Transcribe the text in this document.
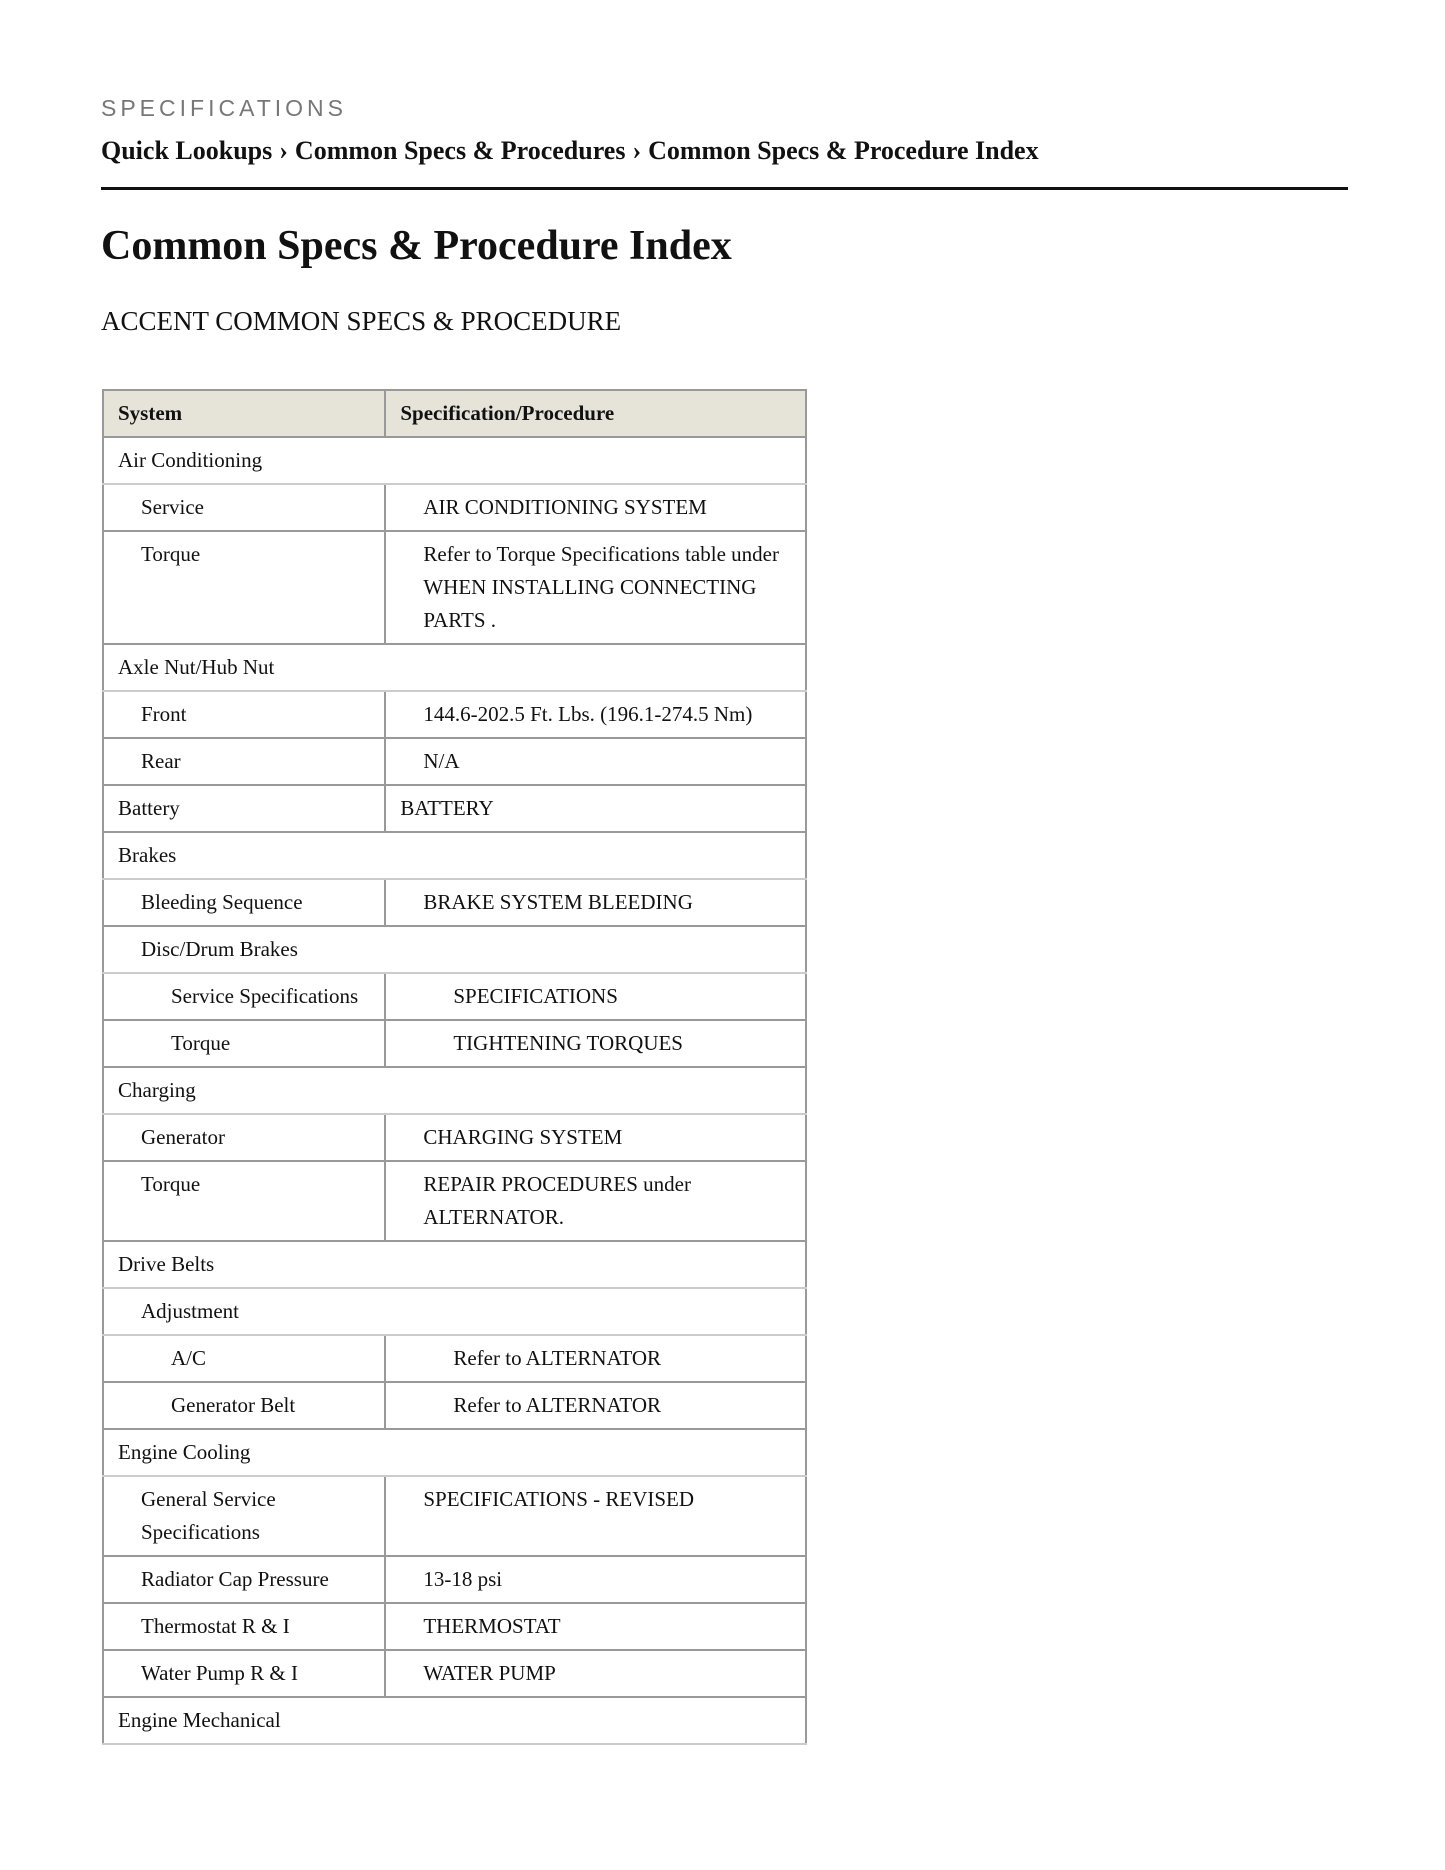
SPECIFICATIONS
Quick Lookups › Common Specs & Procedures › Common Specs & Procedure Index
Common Specs & Procedure Index
ACCENT COMMON SPECS & PROCEDURE
System	Specification/Procedure
Air Conditioning	
Service	AIR CONDITIONING SYSTEM
Torque	Refer to Torque Specifications table under WHEN INSTALLING CONNECTING PARTS .
Axle Nut/Hub Nut	
Front	144.6-202.5 Ft. Lbs. (196.1-274.5 Nm)
Rear	N/A
Battery	BATTERY
Brakes	
Bleeding Sequence	BRAKE SYSTEM BLEEDING
Disc/Drum Brakes	
Service Specifications	SPECIFICATIONS
Torque	TIGHTENING TORQUES
Charging	
Generator	CHARGING SYSTEM
Torque	REPAIR PROCEDURES under ALTERNATOR.
Drive Belts	
Adjustment	
A/C	Refer to ALTERNATOR
Generator Belt	Refer to ALTERNATOR
Engine Cooling	
General Service Specifications	SPECIFICATIONS - REVISED
Radiator Cap Pressure	13-18 psi
Thermostat R & I	THERMOSTAT
Water Pump R & I	WATER PUMP
Engine Mechanical	
